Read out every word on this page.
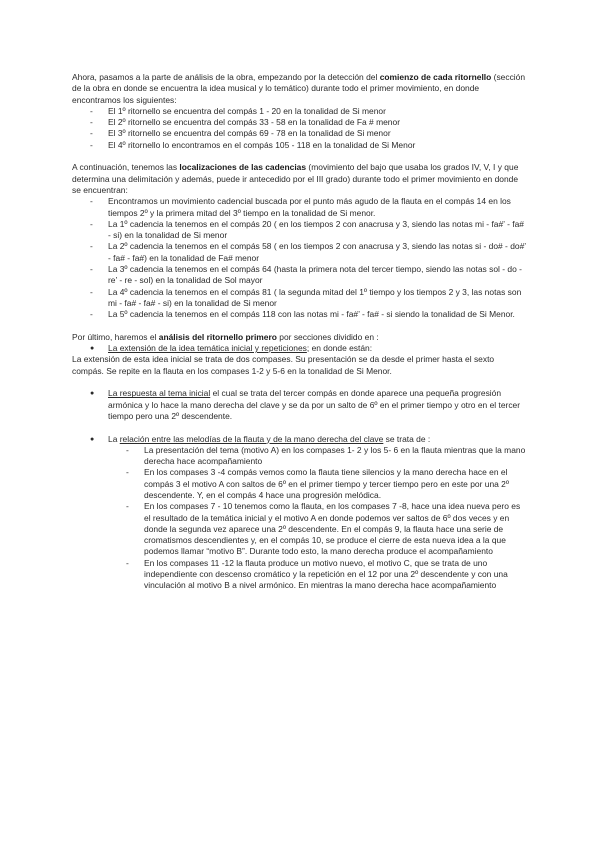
Ahora, pasamos a la parte de análisis de la obra, empezando por la detección del comienzo de cada ritornello (sección de la obra en donde se encuentra la idea musical y lo temático) durante todo el primer movimiento, en donde encontramos los siguientes:

- El 1º ritornello se encuentra del compás 1 - 20 en la tonalidad de Si menor
- El 2º ritornello se encuentra del compás 33 - 58 en la tonalidad de Fa # menor
- El 3º ritornello se encuentra del compás 69 - 78 en la tonalidad de Si menor
- El 4º ritornello lo encontramos en el compás 105 - 118 en la tonalidad de Si Menor

A continuación, tenemos las localizaciones de las cadencias (movimiento del bajo que usaba los grados IV, V, I y que determina una delimitación y además, puede ir antecedido por el III grado) durante todo el primer movimiento en donde se encuentran:

- Encontramos un movimiento cadencial buscada por el punto más agudo de la flauta en el compás 14 en los tiempos 2º y la primera mitad del 3º tiempo en la tonalidad de Si menor.
- La 1º cadencia la tenemos en el compás 20 ( en los tiempos 2 con anacrusa y 3, siendo las notas mi - fa#’ - fa# - si) en la tonalidad de Si menor
- La 2º cadencia la tenemos en el compás 58 ( en los tiempos 2 con anacrusa y 3, siendo las notas si - do# - do#’ - fa# - fa#) en la tonalidad de Fa# menor
- La 3º cadencia la tenemos en el compás 64 (hasta la primera nota del tercer tiempo, siendo las notas sol - do - re’ - re - sol) en la tonalidad de Sol mayor
- La 4º cadencia la tenemos en el compás 81 ( la segunda mitad del 1º tiempo y los tiempos 2 y 3, las notas son mi - fa# - fa# - si) en la tonalidad de Si menor
- La 5º cadencia la tenemos en el compás 118 con las notas mi - fa#’ - fa# - si siendo la tonalidad de Si Menor.

Por último, haremos el análisis del ritornello primero por secciones dividido en :

● La extensión de la idea temática inicial y repeticiones; en donde están:

La extensión de esta idea inicial se trata de dos compases. Su presentación se da desde el primer hasta el sexto compás. Se repite en la flauta en los compases 1-2 y 5-6 en la tonalidad de Si Menor.

● La respuesta al tema inicial el cual se trata del tercer compás en donde aparece una pequeña progresión armónica y lo hace la mano derecha del clave y se da por un salto de 6º en el primer tiempo y otro en el tercer tiempo pero una 2º descendente.

● La relación entre las melodías de la flauta y de la mano derecha del clave se trata de :

- La presentación del tema (motivo A) en los compases 1- 2 y los 5- 6 en la flauta mientras que la mano derecha hace acompañamiento
- En los compases 3 -4 compás vemos como la flauta tiene silencios y la mano derecha hace en el compás 3 el motivo A con saltos de 6º en el primer tiempo y tercer tiempo pero en este por una 2º descendente. Y, en el compás 4 hace una progresión melódica.
- En los compases 7 - 10 tenemos como la flauta, en los compases 7 -8, hace una idea nueva pero es el resultado de la temática inicial y el motivo A en donde podemos ver saltos de 6º dos veces y en donde la segunda vez aparece una 2º descendente. En el compás 9, la flauta hace una serie de cromatismos descendientes y, en el compás 10, se produce el cierre de esta nueva idea a la que podemos llamar “motivo B”. Durante todo esto, la mano derecha produce el acompañamiento
- En los compases 11 -12 la flauta produce un motivo nuevo, el motivo C, que se trata de uno independiente con descenso cromático y la repetición en el 12 por una 2º descendente y con una vinculación al motivo B a nivel armónico. En mientras la mano derecha hace acompañamiento
